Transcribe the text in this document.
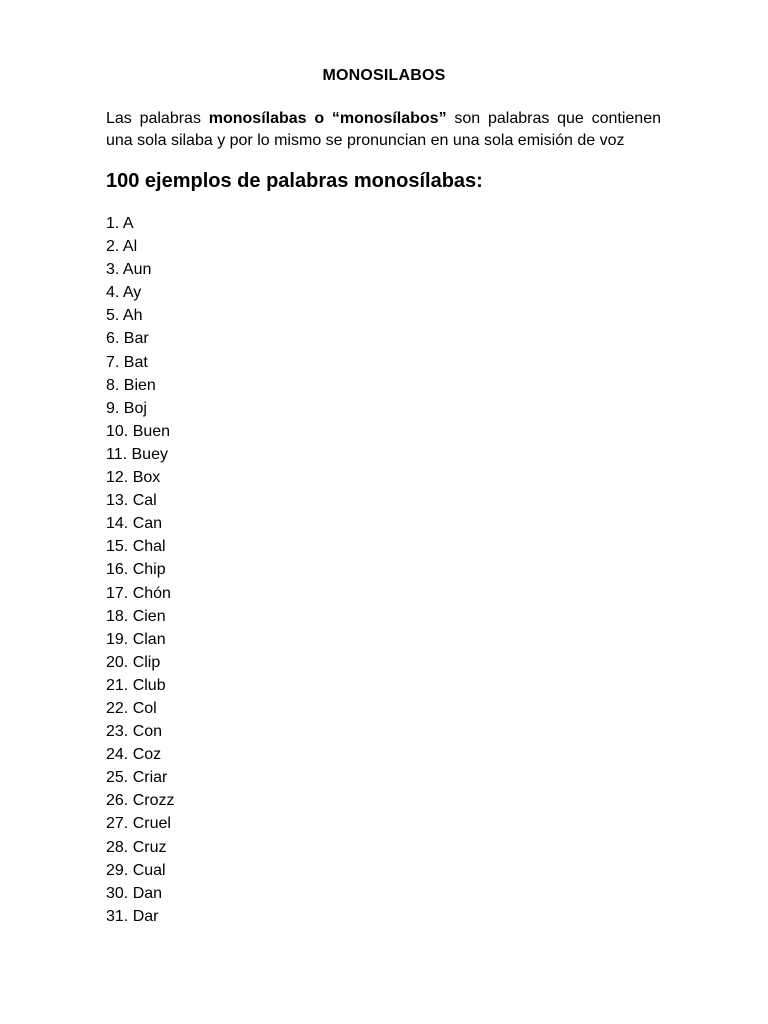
MONOSILABOS

Las palabras monosílabas o “monosílabos” son palabras que contienen una sola silaba y por lo mismo se pronuncian en una sola emisión de voz

100 ejemplos de palabras monosílabas:
1. A
2. Al
3. Aun
4. Ay
5. Ah
6. Bar
7. Bat
8. Bien
9. Boj
10. Buen
11. Buey
12. Box
13. Cal
14. Can
15. Chal
16. Chip
17. Chón
18. Cien
19. Clan
20. Clip
21. Club
22. Col
23. Con
24. Coz
25. Criar
26. Crozz
27. Cruel
28. Cruz
29. Cual
30. Dan
31. Dar
